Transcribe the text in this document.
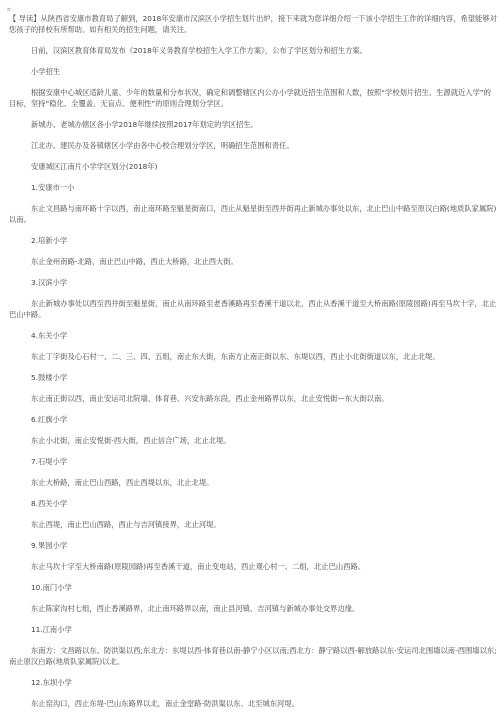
¤

【 导读】从陕西省安康市教育局了解到，2018年安康市汉滨区小学招生划片出炉，接下来就为您详细介绍一下该小学招生工作的详细内容，希望能够对您孩子的择校有所帮助。如有相关的招生问题，请关注。

日前，汉滨区教育体育局发布《2018年义务教育学校招生入学工作方案》，公布了学区划分和招生方案。

小学招生

根据安康中心城区适龄儿童、少年的数量和分布状况，确定和调整辖区内公办小学就近招生范围和人数，按照“学校划片招生、生源就近入学”的目标，坚持“稳化、全覆盖、无盲点、便利性”的原则合理划分学区。

新城办、老城办辖区各小学2018年继续按照2017年划定的学区招生。

江北办、建民办及各镇辖区小学由各中心校合理划分学区，明确招生范围和责任。

安康城区江南片小学学区划分(2018年)

1.安康市一小

东止文昌路与南环路十字以西，南止南环路至魁星街南口，西止从魁星街至西井街再止新城办事处以东，北止巴山中路至原汉白路(地质队家属院)以南。

2.培新小学

东止金州南路-北路，南止巴山中路，西止大桥路，北止西大街。

3.汉滨小学

东止新城办事处以西至西井街至魁星街，南止从南环路至老香溪路再至香溪干道以北，西止从香溪干道至大桥南路(原陵园路)再至马坎十字，北止巴山中路。

4.东关小学

东止丁字街及心石村一、二、三、四、五组，南止东大街，东南方止南正街以东、东堤以西，西止小北街街道以东，北止北堤。

5.鼓楼小学

东止南正街以西，南止安运司北院墙、体育巷、兴安东路东段，西止金州路界以东，北止安悦街—东大街以南。

6.红旗小学

东止小北街，南止安悦街-西大街，西止信合广场，北止北堤。

7.石堤小学

东止大桥路，南止巴山西路，西止西堤以东，北止北堤。

8.西关小学

东止西堤，南止巴山西路，西止与吉河镇接界，北止河堤。

9.果园小学

东止马坎十字至大桥南路(原陵园路)再至香溪干道，南止变电站，西止观心村一、二组，北止巴山西路。

10.南门小学

东止陈家沟村七组，西止香溪路界，北止南环路界以南，南止县河镇、吉河镇与新城办事处交界边缘。

11.江南小学

东南方：文昌路以东、防洪渠以西;东北方：东堤以西-体育巷以南-静宁小区以南;西北方：静宁路以西-解放路以东-安运司北围墙以南-西围墙以东;南止原汉白路(地质队家属院)以北。

12.东坝小学

东止窑沟口，西止东堤-巴山东路界以北，南止金堂路-防洪渠以东、北至城东河堤。
